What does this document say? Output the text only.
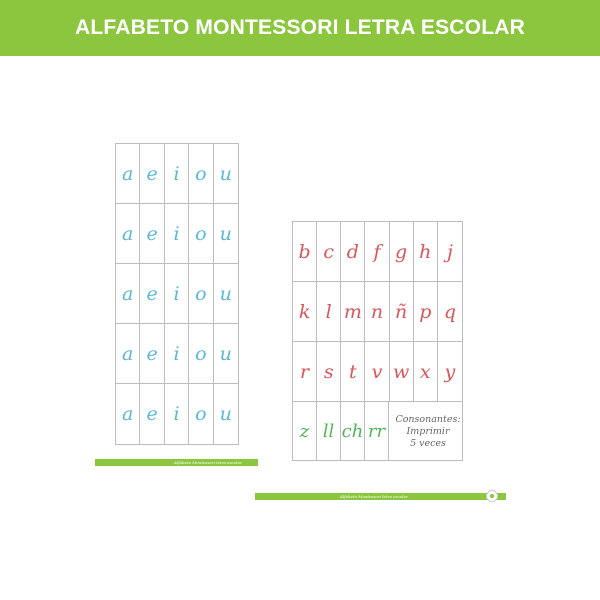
ALFABETO MONTESSORI LETRA ESCOLAR
a e i o u
a e i o u
a e i o u
a e i o u
a e i o u
Alfabeto Montessori letra escolar
b c d f g h j
k l m n ñ p q
r s t v w x y
z ll ch rr
Consonantes:
Imprimir
5 veces
Alfabeto Montessori letra escolar
